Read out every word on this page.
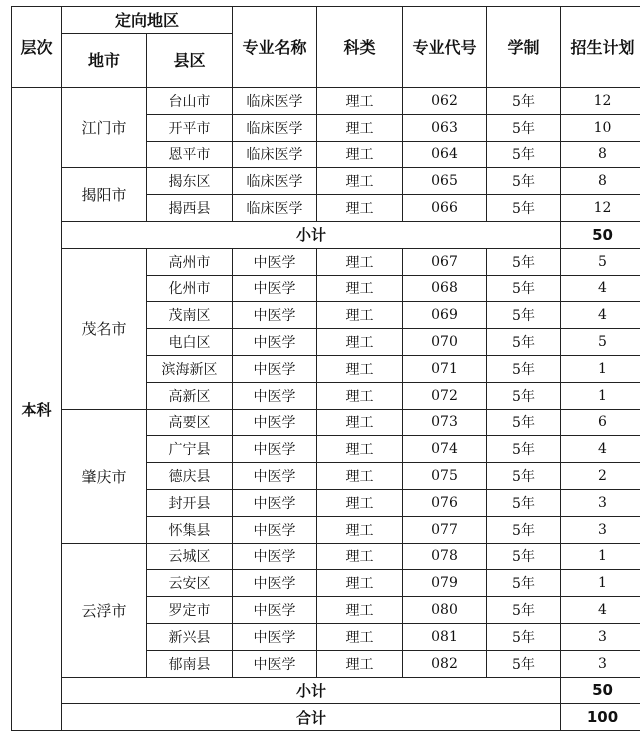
层次	定向地区		专业名称	科类	专业代号	学制	招生计划
	地市	县区					
本科	江门市	台山市	临床医学	理工	062	5年	12
		开平市	临床医学	理工	063	5年	10
		恩平市	临床医学	理工	064	5年	8
	揭阳市	揭东区	临床医学	理工	065	5年	8
		揭西县	临床医学	理工	066	5年	12
	小计						50
	茂名市	高州市	中医学	理工	067	5年	5
		化州市	中医学	理工	068	5年	4
		茂南区	中医学	理工	069	5年	4
		电白区	中医学	理工	070	5年	5
		滨海新区	中医学	理工	071	5年	1
		高新区	中医学	理工	072	5年	1
	肇庆市	高要区	中医学	理工	073	5年	6
		广宁县	中医学	理工	074	5年	4
		德庆县	中医学	理工	075	5年	2
		封开县	中医学	理工	076	5年	3
		怀集县	中医学	理工	077	5年	3
	云浮市	云城区	中医学	理工	078	5年	1
		云安区	中医学	理工	079	5年	1
		罗定市	中医学	理工	080	5年	4
		新兴县	中医学	理工	081	5年	3
		郁南县	中医学	理工	082	5年	3
	小计						50
	合计						100
